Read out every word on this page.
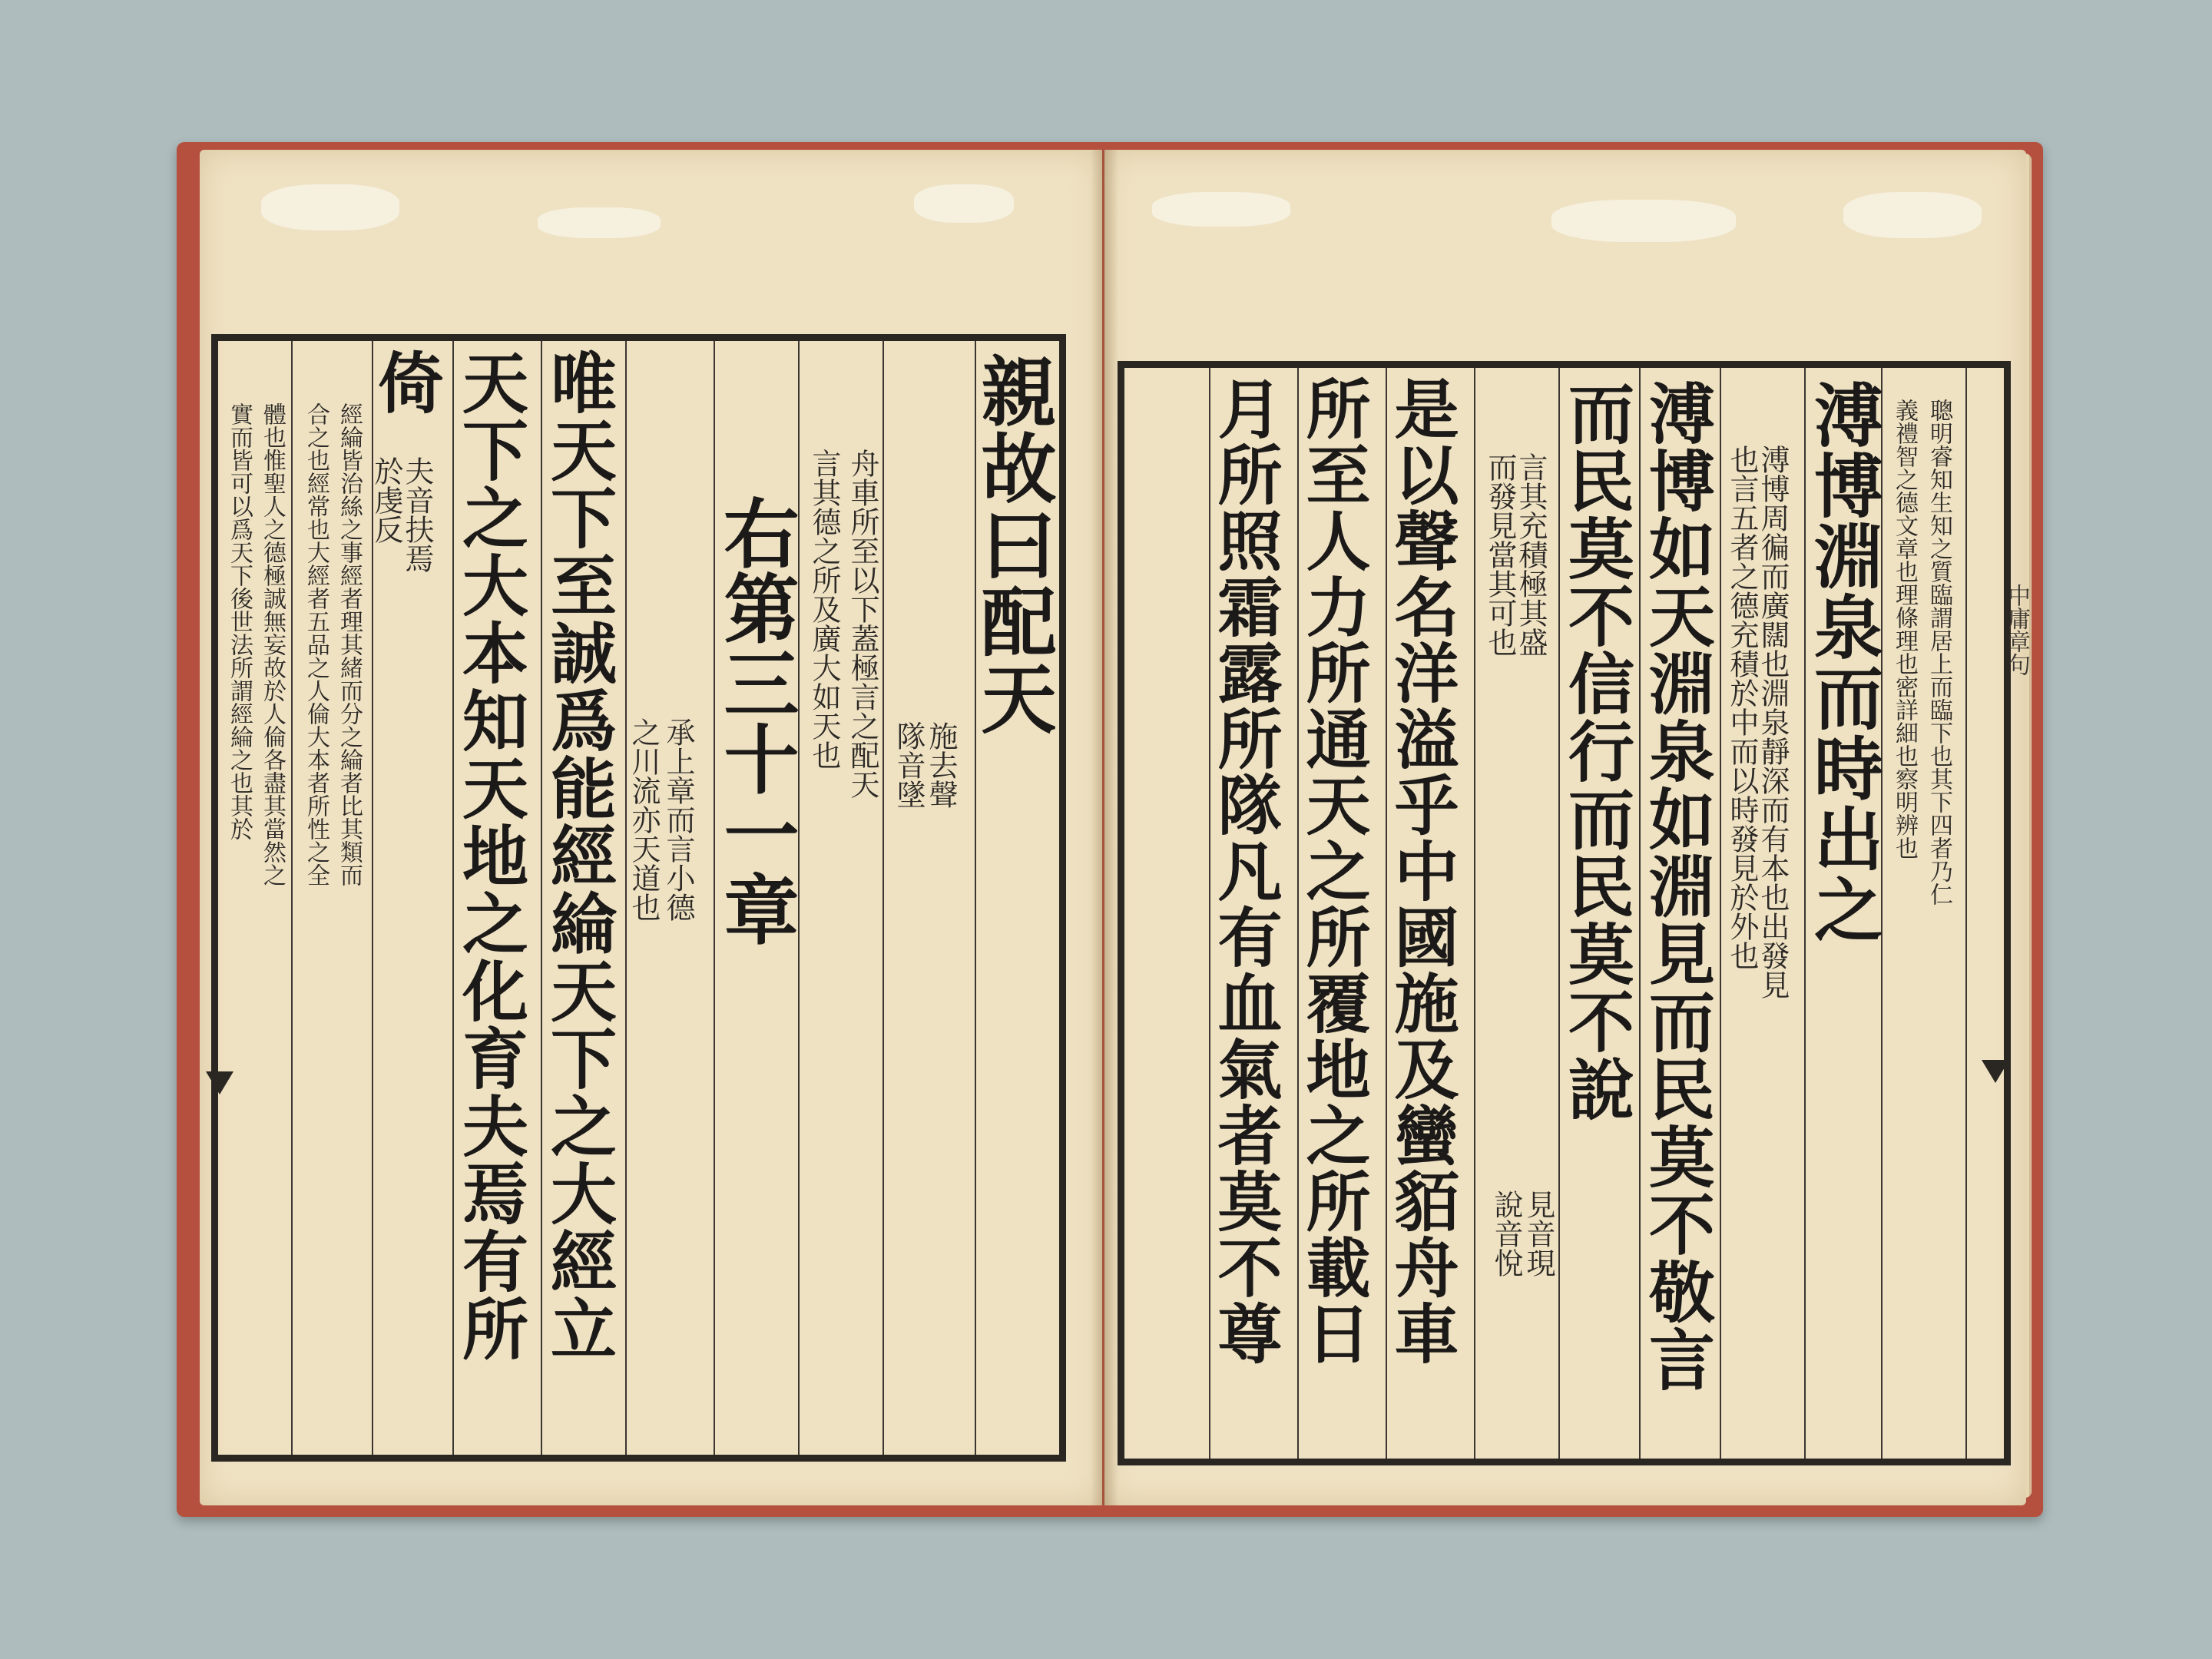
親故曰配天
施去聲
隊音墜
舟車所至以下蓋極言之配天
言其德之所及廣大如天也
右第三十一章
承上章而言小德
之川流亦天道也
唯天下至誠爲能經綸天下之大經立
天下之大本知天地之化育夫焉有所
倚
夫音扶焉
於虔反
經綸皆治絲之事經者理其緒而分之綸者比其類而
合之也經常也大經者五品之人倫大本者所性之全
體也惟聖人之德極誠無妄故於人倫各盡其當然之
實而皆可以爲天下後世法所謂經綸之也其於	聰明睿知生知之質臨謂居上而臨下也其下四者乃仁
義禮智之德文章也理條理也密詳細也察明辨也
溥博淵泉而時出之
溥博周徧而廣闊也淵泉靜深而有本也出發見
也言五者之德充積於中而以時發見於外也
溥博如天淵泉如淵見而民莫不敬言
而民莫不信行而民莫不說
見音現
說音悅
言其充積極其盛
而發見當其可也
是以聲名洋溢乎中國施及蠻貊舟車
所至人力所通天之所覆地之所載日
月所照霜露所隊凡有血氣者莫不尊	中庸章句
